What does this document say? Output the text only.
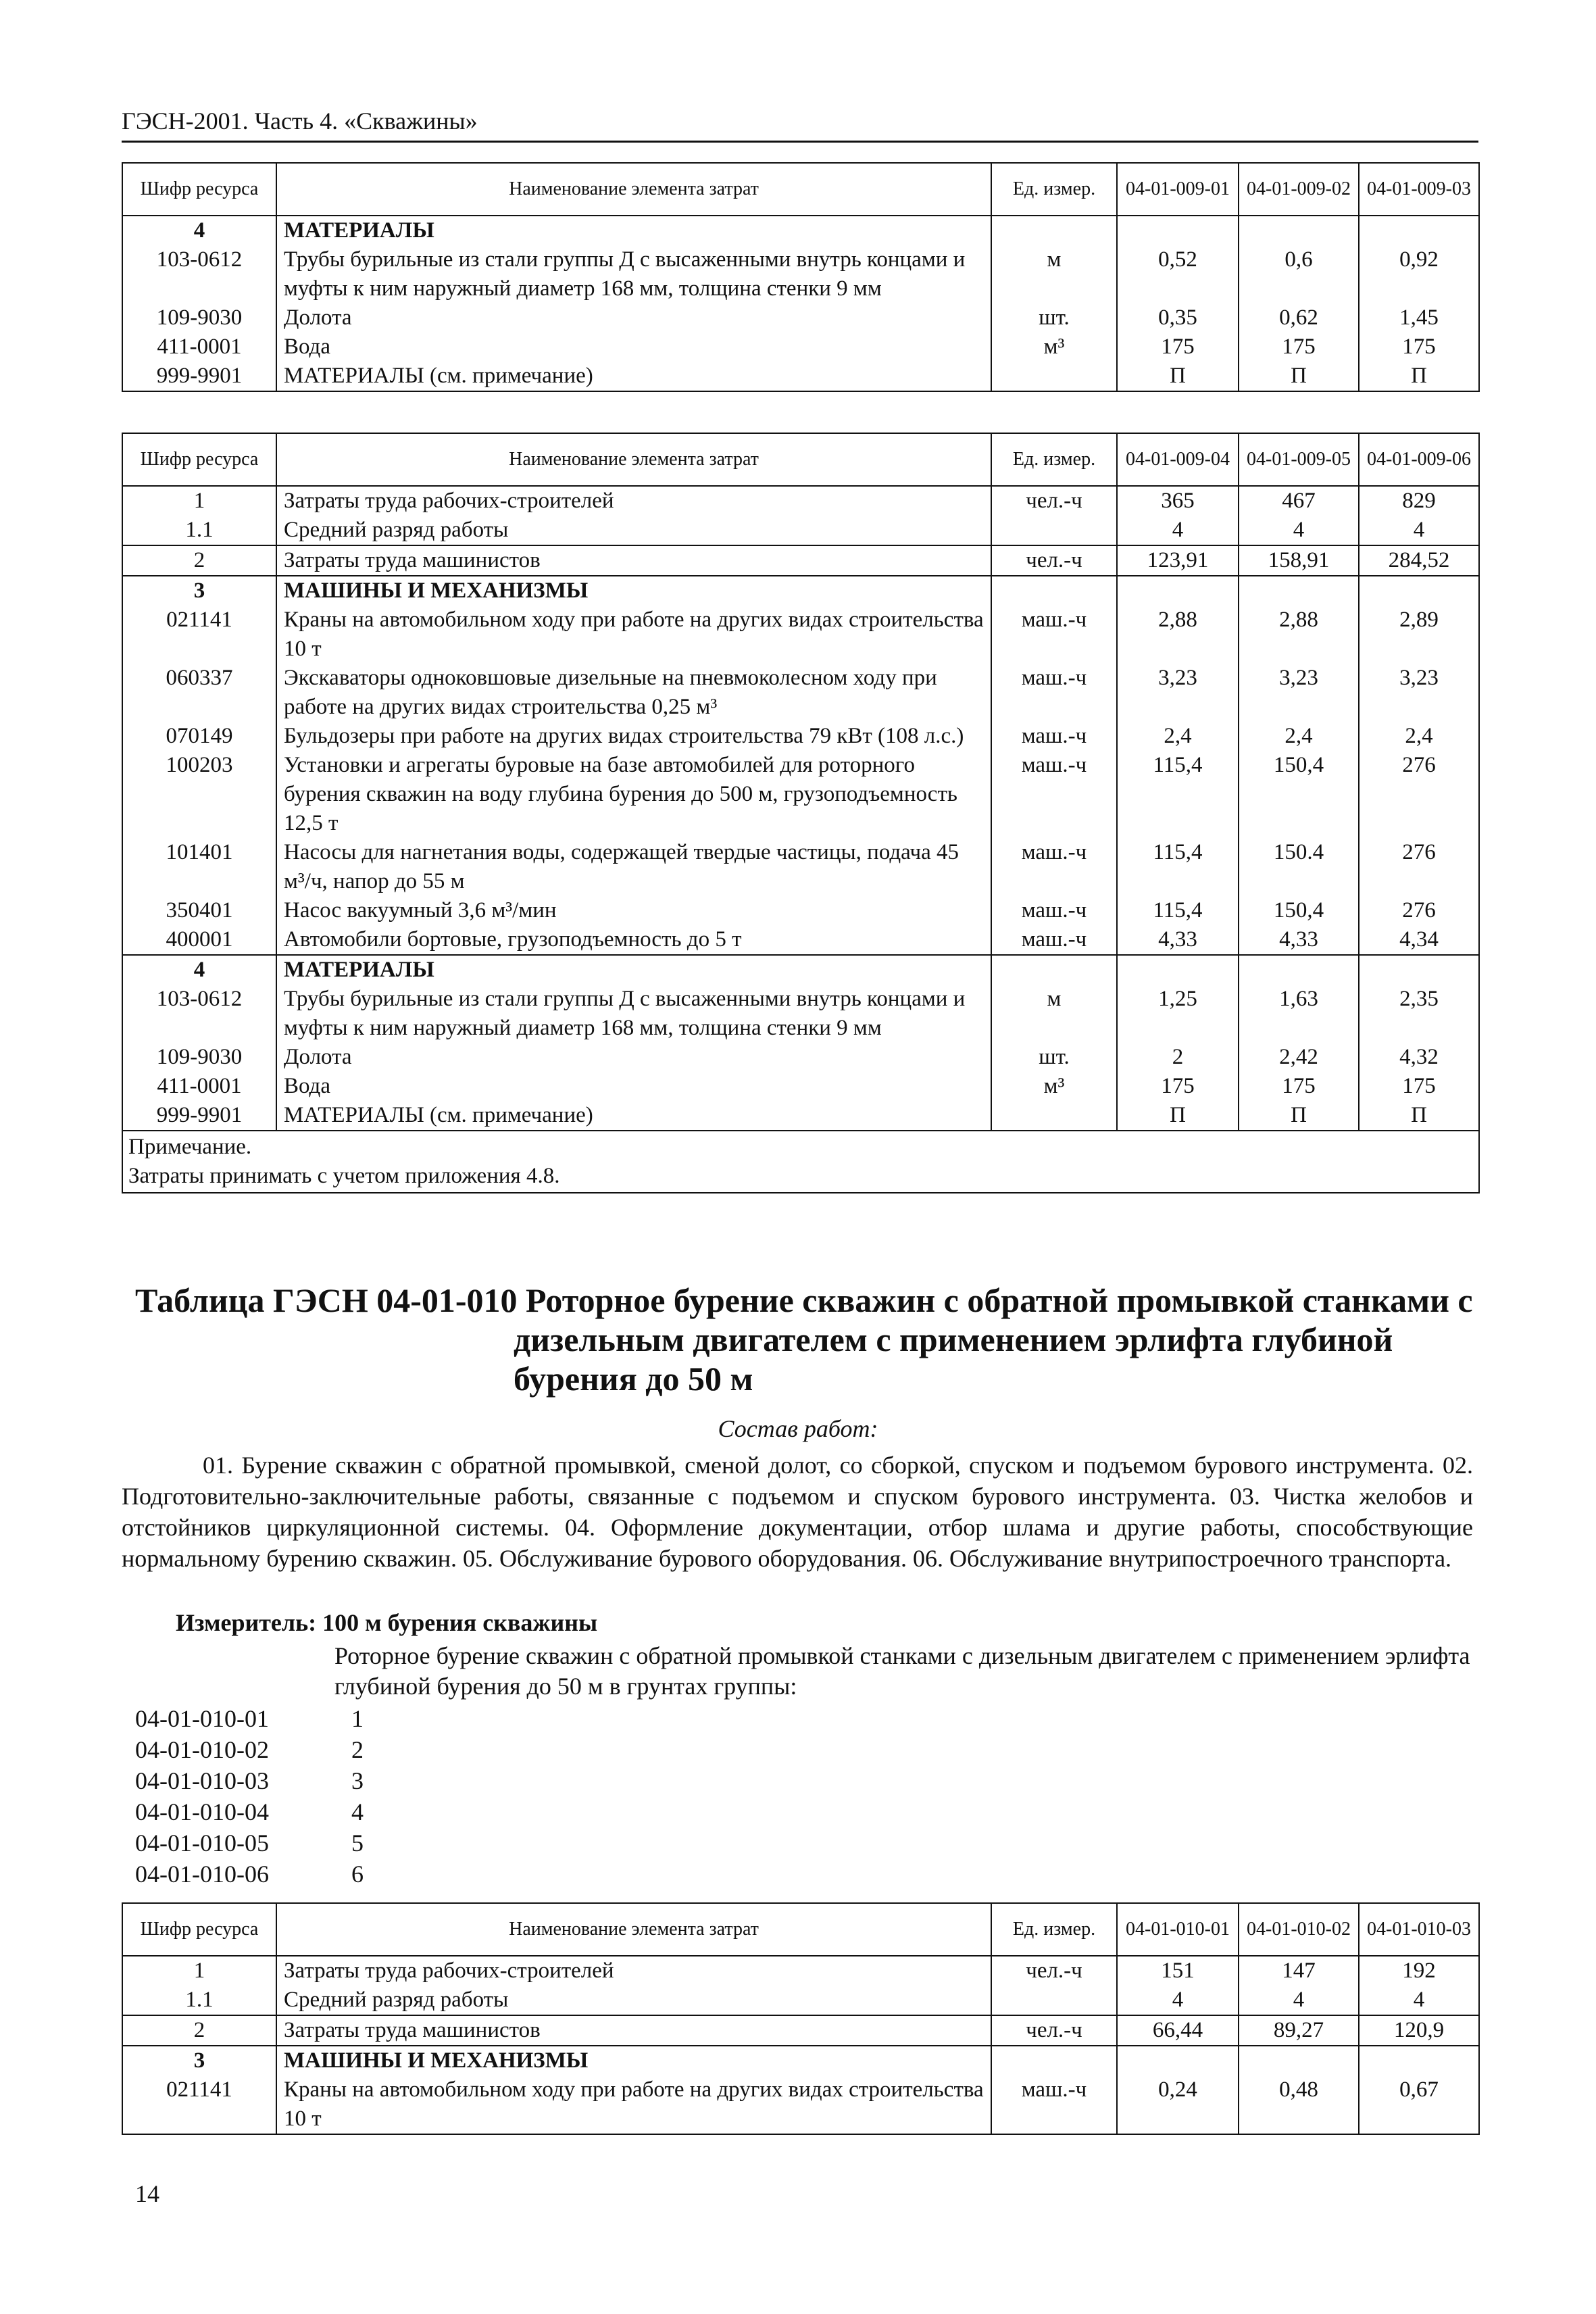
ГЭСН-2001. Часть 4. «Скважины»
Шифр ресурса	Наименование элемента затрат	Ед. измер.	04-01-009-01	04-01-009-02	04-01-009-03
4	МАТЕРИАЛЫ				
103-0612	Трубы бурильные из стали группы Д с высаженными внутрь концами и муфты к ним наружный диаметр 168 мм, толщина стенки 9 мм	м	0,52	0,6	0,92
109-9030	Долота	шт.	0,35	0,62	1,45
411-0001	Вода	м³	175	175	175
999-9901	МАТЕРИАЛЫ (см. примечание)		П	П	П
Шифр ресурса	Наименование элемента затрат	Ед. измер.	04-01-009-04	04-01-009-05	04-01-009-06
1	Затраты труда рабочих-строителей	чел.-ч	365	467	829
1.1	Средний разряд работы		4	4	4
2	Затраты труда машинистов	чел.-ч	123,91	158,91	284,52
3	МАШИНЫ И МЕХАНИЗМЫ				
021141	Краны на автомобильном ходу при работе на других видах строительства 10 т	маш.-ч	2,88	2,88	2,89
060337	Экскаваторы одноковшовые дизельные на пневмоколесном ходу при работе на других видах строительства 0,25 м³	маш.-ч	3,23	3,23	3,23
070149	Бульдозеры при работе на других видах строительства 79 кВт (108 л.с.)	маш.-ч	2,4	2,4	2,4
100203	Установки и агрегаты буровые на базе автомобилей для роторного бурения скважин на воду глубина бурения до 500 м, грузоподъемность 12,5 т	маш.-ч	115,4	150,4	276
101401	Насосы для нагнетания воды, содержащей твердые частицы, подача 45 м³/ч, напор до 55 м	маш.-ч	115,4	150.4	276
350401	Насос вакуумный 3,6 м³/мин	маш.-ч	115,4	150,4	276
400001	Автомобили бортовые, грузоподъемность до 5 т	маш.-ч	4,33	4,33	4,34
4	МАТЕРИАЛЫ				
103-0612	Трубы бурильные из стали группы Д с высаженными внутрь концами и муфты к ним наружный диаметр 168 мм, толщина стенки 9 мм	м	1,25	1,63	2,35
109-9030	Долота	шт.	2	2,42	4,32
411-0001	Вода	м³	175	175	175
999-9901	МАТЕРИАЛЫ (см. примечание)		П	П	П

Примечание.
Затраты принимать с учетом приложения 4.8.					
Таблица ГЭСН 04-01-010 Роторное бурение скважин с обратной промывкой станками с
дизельным двигателем с применением эрлифта глубиной
бурения до 50 м
Состав работ:
01. Бурение скважин с обратной промывкой, сменой долот, со сборкой, спуском и подъемом бурового инструмента. 02. Подготовительно-заключительные работы, связанные с подъемом и спуском бурового инструмента. 03. Чистка желобов и отстойников циркуляционной системы. 04. Оформление документации, отбор шлама и другие работы, способствующие нормальному бурению скважин. 05. Обслуживание бурового оборудования. 06. Обслуживание внутрипостроечного транспорта.
Измеритель: 100 м бурения скважины
Роторное бурение скважин с обратной промывкой станками с дизельным двигателем с применением эрлифта глубиной бурения до 50 м в грунтах группы:
04-01-010-01	1
04-01-010-02	2
04-01-010-03	3
04-01-010-04	4
04-01-010-05	5
04-01-010-06	6
Шифр ресурса	Наименование элемента затрат	Ед. измер.	04-01-010-01	04-01-010-02	04-01-010-03
1	Затраты труда рабочих-строителей	чел.-ч	151	147	192
1.1	Средний разряд работы		4	4	4
2	Затраты труда машинистов	чел.-ч	66,44	89,27	120,9
3	МАШИНЫ И МЕХАНИЗМЫ				
021141	Краны на автомобильном ходу при работе на других видах строительства 10 т	маш.-ч	0,24	0,48	0,67
14
